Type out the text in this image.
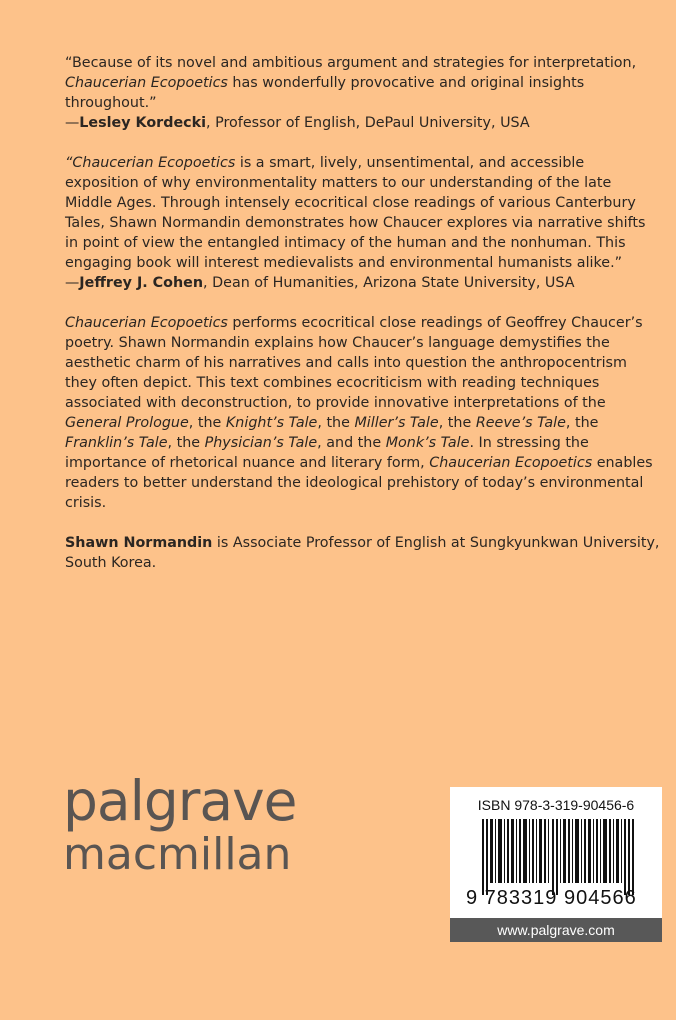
“Because of its novel and ambitious argument and strategies for interpretation, Chaucerian Ecopoetics has wonderfully provocative and original insights throughout.”
—Lesley Kordecki, Professor of English, DePaul University, USA

“Chaucerian Ecopoetics is a smart, lively, unsentimental, and accessible exposition of why environmentality matters to our understanding of the late Middle Ages. Through intensely ecocritical close readings of various Canterbury Tales, Shawn Normandin demonstrates how Chaucer explores via narrative shifts in point of view the entangled intimacy of the human and the nonhuman. This engaging book will interest medievalists and environmental humanists alike.”
—Jeffrey J. Cohen, Dean of Humanities, Arizona State University, USA

Chaucerian Ecopoetics performs ecocritical close readings of Geoffrey Chaucer’s poetry. Shawn Normandin explains how Chaucer’s language demystifies the aesthetic charm of his narratives and calls into question the anthropocentrism they often depict. This text combines ecocriticism with reading techniques associated with deconstruction, to provide innovative interpretations of the General Prologue, the Knight’s Tale, the Miller’s Tale, the Reeve’s Tale, the Franklin’s Tale, the Physician’s Tale, and the Monk’s Tale. In stressing the importance of rhetorical nuance and literary form, Chaucerian Ecopoetics enables readers to better understand the ideological prehistory of today’s environmental crisis.

Shawn Normandin is Associate Professor of English at Sungkyunkwan University, South Korea.

palgrave
macmillan
ISBN 978-3-319-90456-6
9 783319 904566
www.palgrave.com
